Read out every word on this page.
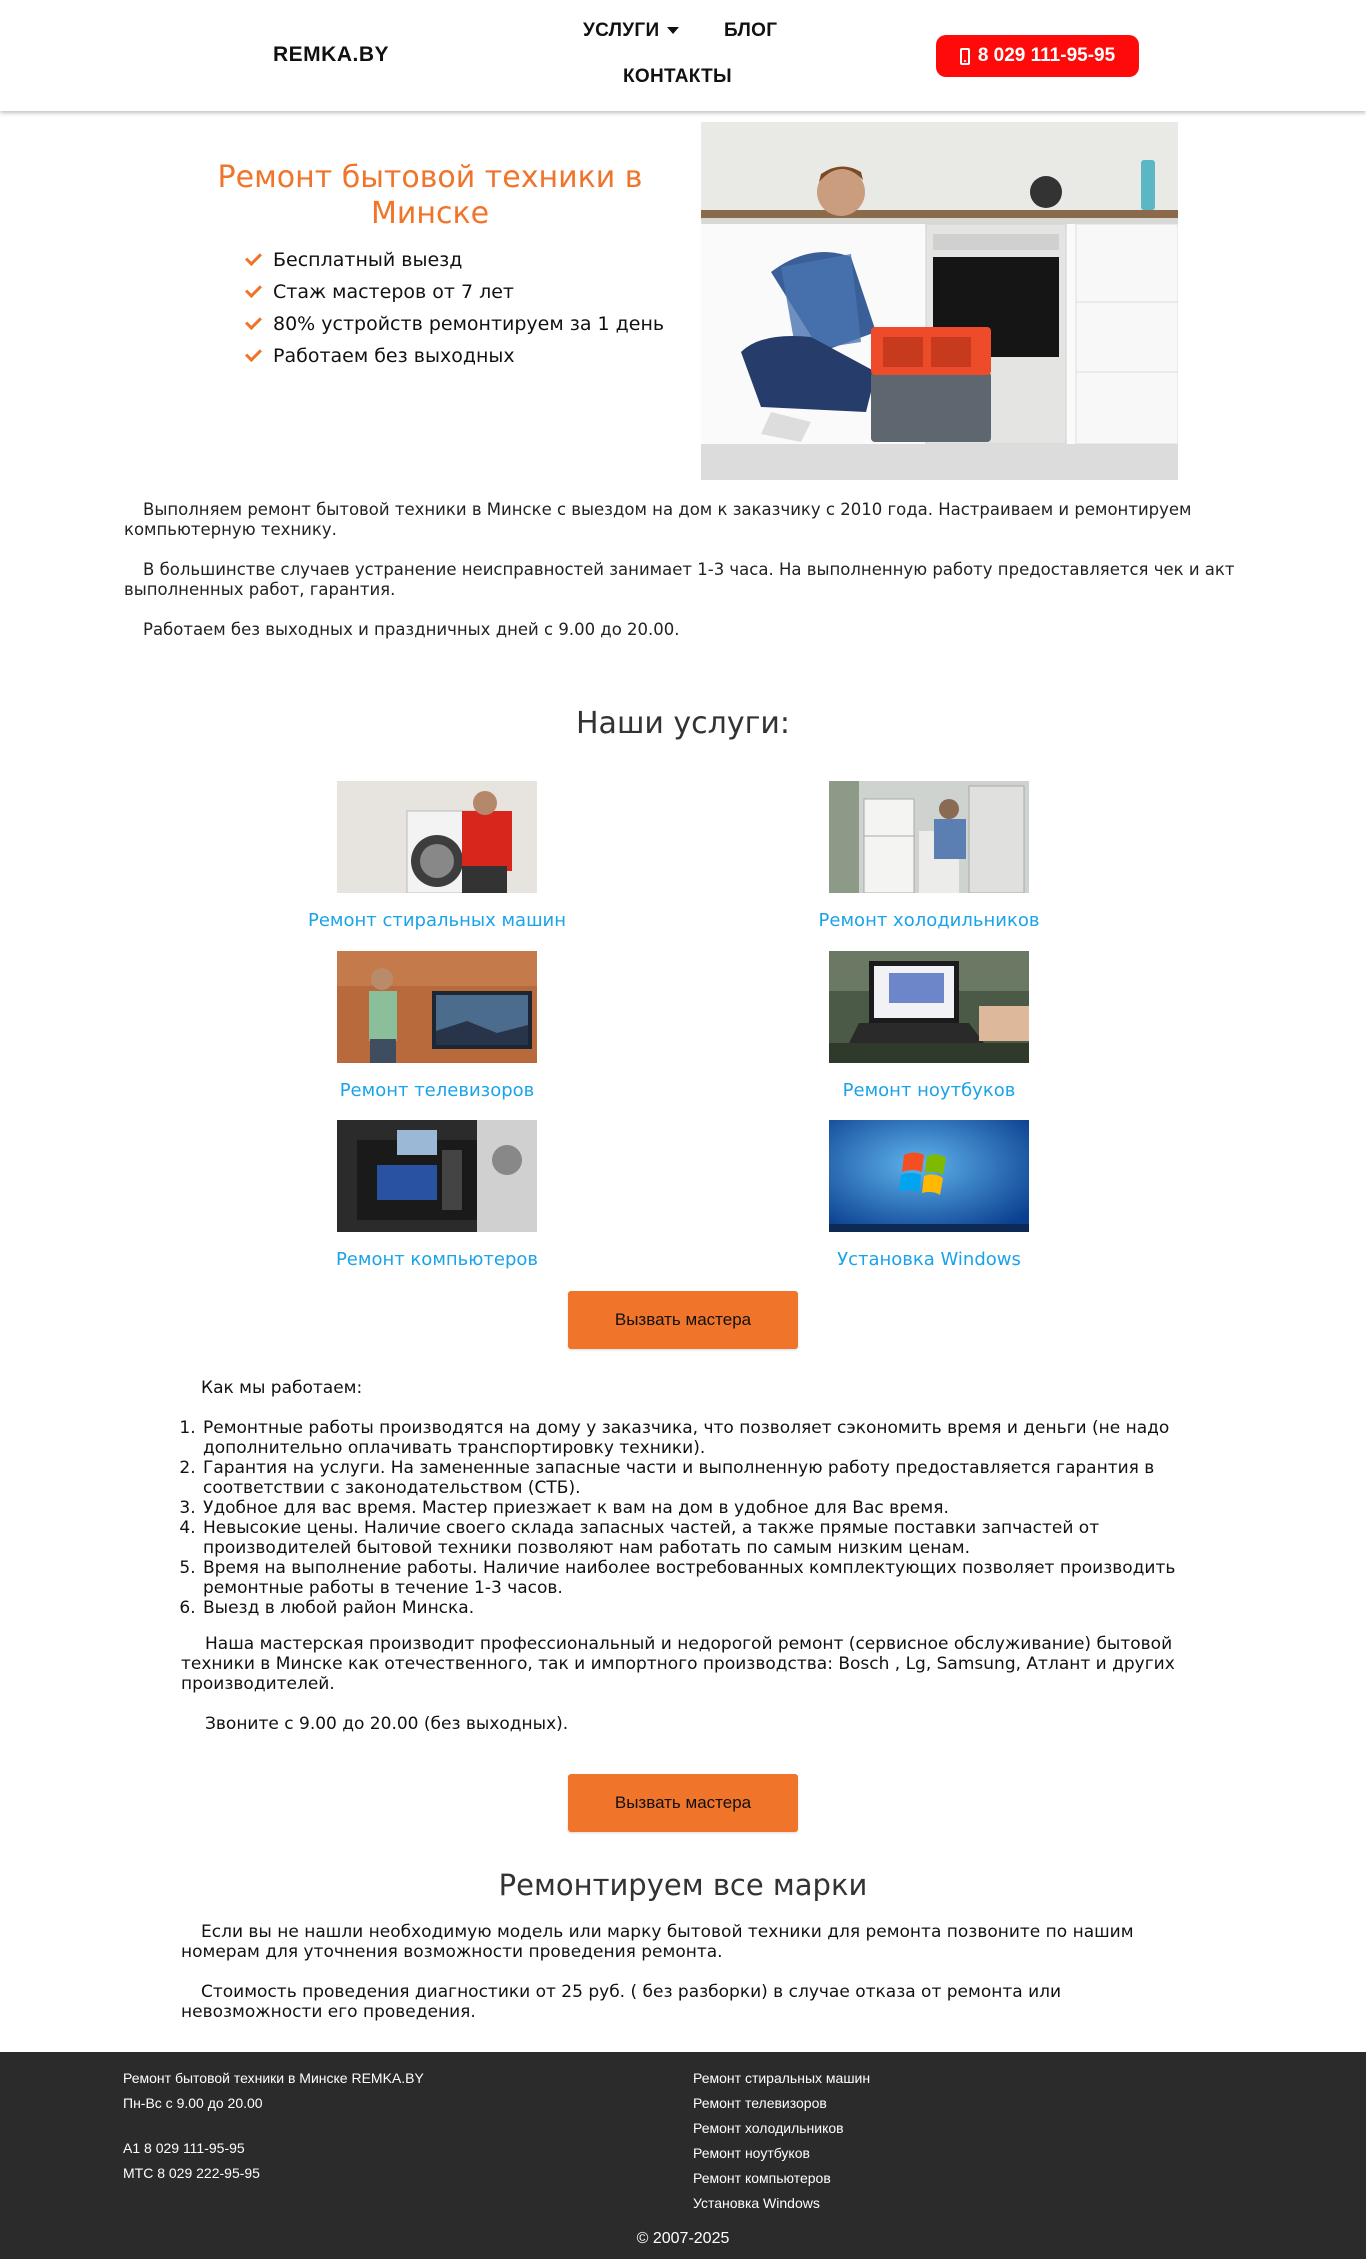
REMKA.BY
УСЛУГИ	БЛОГ
КОНТАКТЫ
8 029 111-95-95
Ремонт бытовой техники в Минске
Бесплатный выезд
Стаж мастеров от 7 лет
80% устройств ремонтируем за 1 день
Работаем без выходных

Выполняем ремонт бытовой техники в Минске с выездом на дом к заказчику с 2010 года. Настраиваем и ремонтируем компьютерную технику.

В большинстве случаев устранение неисправностей занимает 1-3 часа. На выполненную работу предоставляется чек и акт выполненных работ, гарантия.

Работаем без выходных и праздничных дней с 9.00 до 20.00.

Наши услуги:
Ремонт стиральных машин	Ремонт холодильников
Ремонт телевизоров	Ремонт ноутбуков
Ремонт компьютеров	Установка Windows
Вызвать мастера

Как мы работаем:

1. Ремонтные работы производятся на дому у заказчика, что позволяет сэкономить время и деньги (не надо дополнительно оплачивать транспортировку техники).
2. Гарантия на услуги. На замененные запасные части и выполненную работу предоставляется гарантия в соответствии с законодательством (СТБ).
3. Удобное для вас время. Мастер приезжает к вам на дом в удобное для Вас время.
4. Невысокие цены. Наличие своего склада запасных частей, а также прямые поставки запчастей от производителей бытовой техники позволяют нам работать по самым низким ценам.
5. Время на выполнение работы. Наличие наиболее востребованных комплектующих позволяет производить ремонтные работы в течение 1-3 часов.
6. Выезд в любой район Минска.

Наша мастерская производит профессиональный и недорогой ремонт (сервисное обслуживание) бытовой техники в Минске как отечественного, так и импортного производства: Bosch , Lg, Samsung, Атлант и других производителей.

Звоните с 9.00 до 20.00 (без выходных).

Вызвать мастера
Ремонтируем все марки

Если вы не нашли необходимую модель или марку бытовой техники для ремонта позвоните по нашим номерам для уточнения возможности проведения ремонта.

Стоимость проведения диагностики от 25 руб. ( без разборки) в случае отказа от ремонта или невозможности его проведения.

Ремонт бытовой техники в Минске REMKA.BY
Пн-Вс с 9.00 до 20.00
A1 8 029 111-95-95
МТС 8 029 222-95-95
Ремонт стиральных машин
Ремонт телевизоров
Ремонт холодильников
Ремонт ноутбуков
Ремонт компьютеров
Установка Windows
© 2007-2025
